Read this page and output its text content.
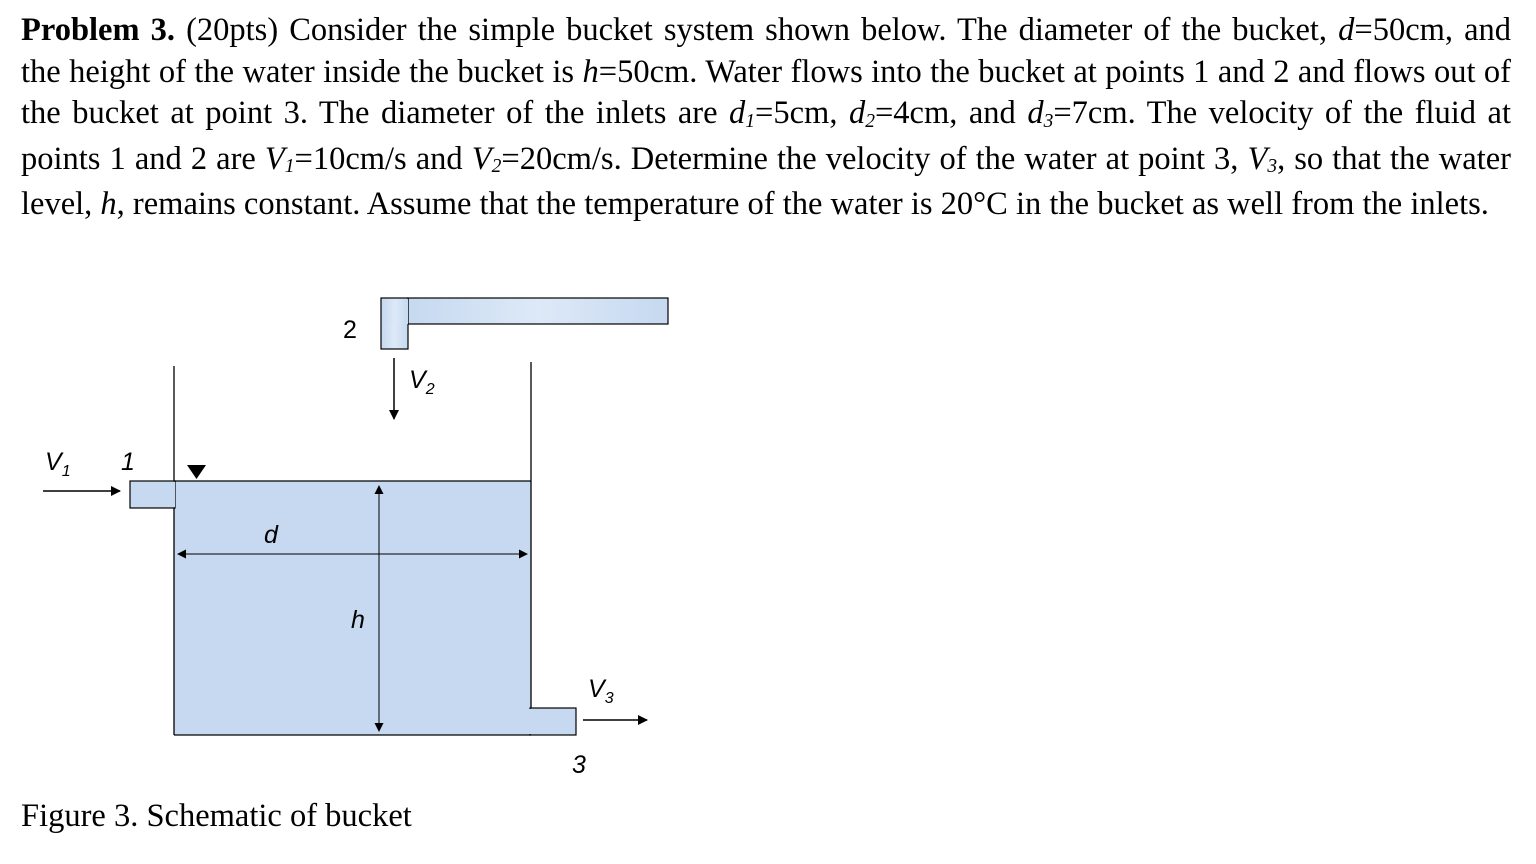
Problem 3. (20pts) Consider the simple bucket system shown below. The diameter of the bucket, d=50cm, and the height of the water inside the bucket is h=50cm. Water flows into the bucket at points 1 and 2 and flows out of the bucket at point 3. The diameter of the inlets are $d_1=5cm$, $d_2=4cm$, and $d_3=7cm$. The velocity of the fluid at points 1 and 2 are $V_1=10cm/s$ and $V_2=20cm/s$. Determine the velocity of the water at point 3, $V_3$, so that the water level, h, remains constant. Assume that the temperature of the water is 20°C in the bucket as well from the inlets.

$V_1$ 1
2
$V_2$
d
h
$V_3$
3

Figure 3. Schematic of bucket
